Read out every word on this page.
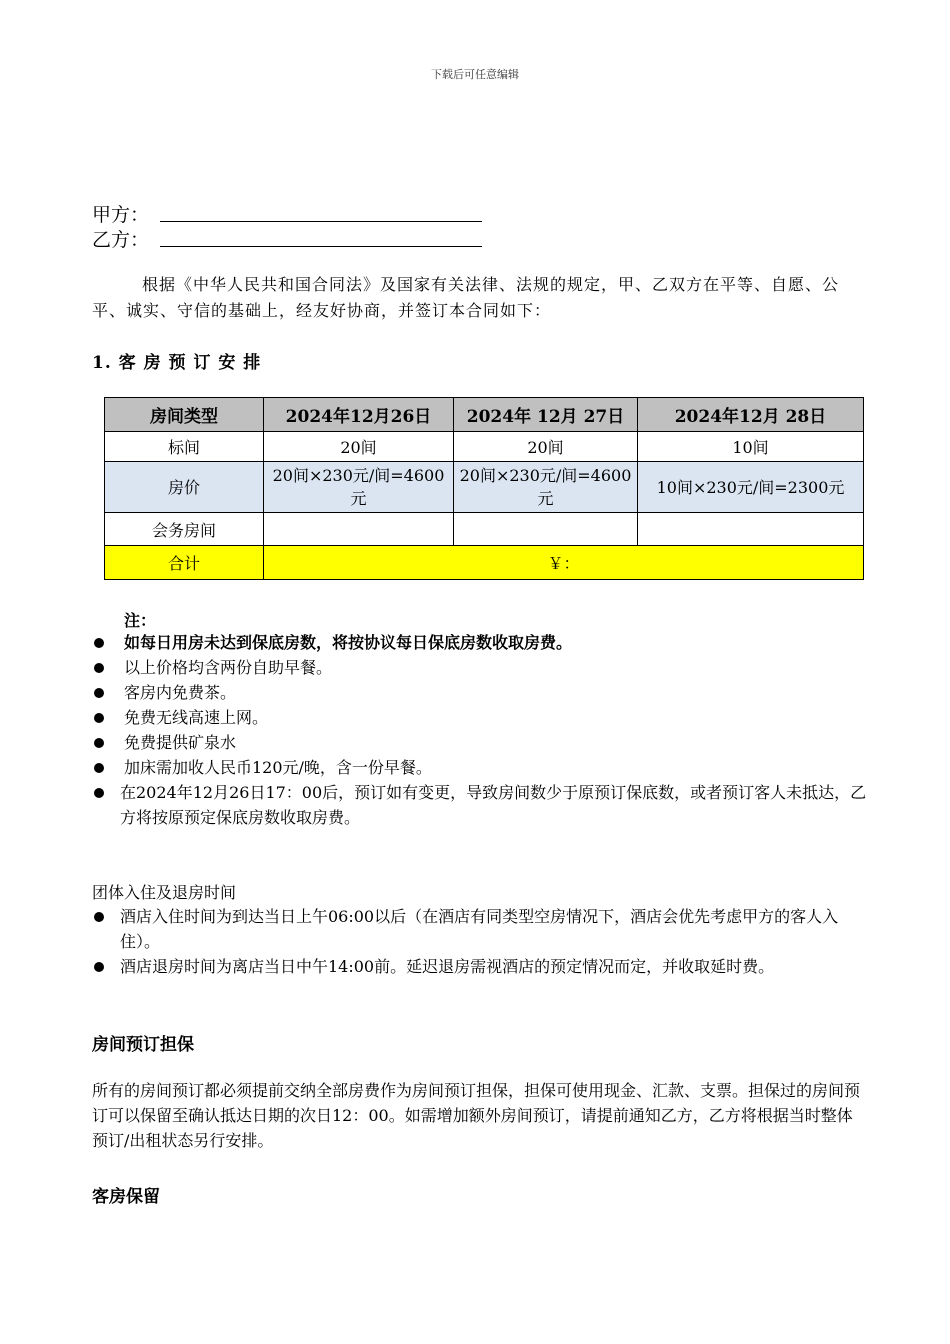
下载后可任意编辑
甲方：
乙方：
根据《中华人民共和国合同法》及国家有关法律、法规的规定，甲、乙双方在平等、自愿、公平、诚实、守信的基础上，经友好协商，并签订本合同如下：
1. 客 房 预 订 安 排
房间类型	2024年12月26日	2024年 12月 27日	2024年12月 28日
标间	20间	20间	10间
房价	20间×230元/间=4600元	20间×230元/间=4600元	10间×230元/间=2300元
会务房间			
合计	￥：		
注：
如每日用房未达到保底房数，将按协议每日保底房数收取房费。
以上价格均含两份自助早餐。
客房内免费茶。
免费无线高速上网。
免费提供矿泉水
加床需加收人民币120元/晚，含一份早餐。
在2024年12月26日17：00后，预订如有变更，导致房间数少于原预订保底数，或者预订客人未抵达，乙方将按原预定保底房数收取房费。
团体入住及退房时间
酒店入住时间为到达当日上午06:00以后（在酒店有同类型空房情况下，酒店会优先考虑甲方的客人入住）。
酒店退房时间为离店当日中午14:00前。延迟退房需视酒店的预定情况而定，并收取延时费。
房间预订担保
所有的房间预订都必须提前交纳全部房费作为房间预订担保，担保可使用现金、汇款、支票。担保过的房间预订可以保留至确认抵达日期的次日12：00。如需增加额外房间预订，请提前通知乙方，乙方将根据当时整体预订/出租状态另行安排。
客房保留
